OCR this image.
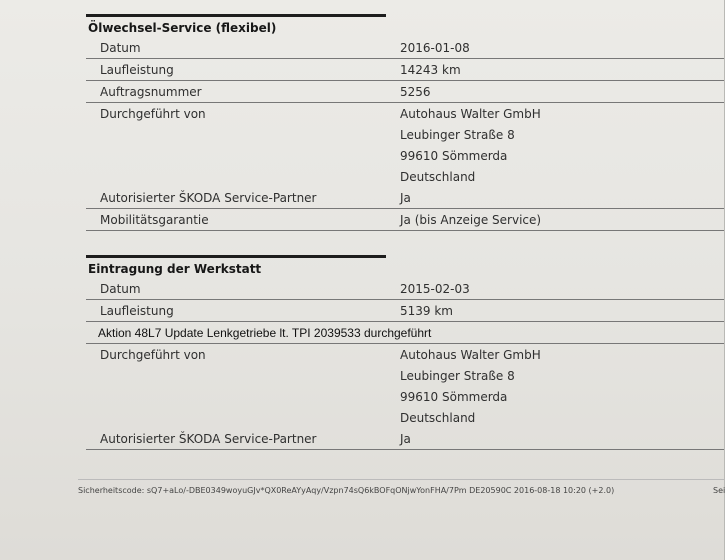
Ölwechsel-Service (flexibel)
Datum	2016-01-08
Laufleistung	14243 km
Auftragsnummer	5256
Durchgeführt von	Autohaus Walter GmbH
Leubinger Straße 8
99610 Sömmerda
Deutschland
Autorisierter ŠKODA Service-Partner	Ja
Mobilitätsgarantie	Ja (bis Anzeige Service)
Eintragung der Werkstatt
Datum	2015-02-03
Laufleistung	5139 km
Aktion 48L7 Update Lenkgetriebe lt. TPI 2039533 durchgeführt
Durchgeführt von	Autohaus Walter GmbH
Leubinger Straße 8
99610 Sömmerda
Deutschland
Autorisierter ŠKODA Service-Partner	Ja
Sicherheitscode: sQ7+aLo/-DBE0349woyuGJv*QX0ReAYyAqy/Vzpn74sQ6kBOFqONjwYonFHA/7Pm DE20590C 2016-08-18 10:20 (+2.0)	Sei
